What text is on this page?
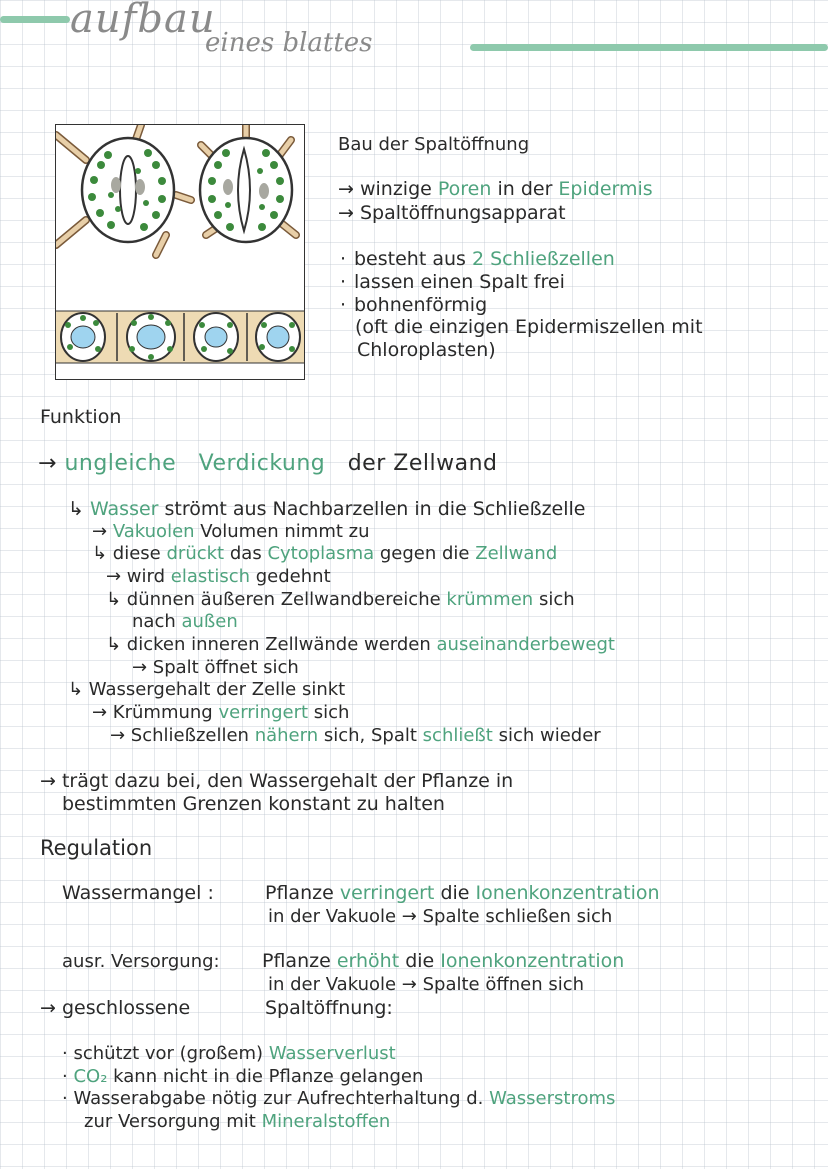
aufbau
eines blattes
Bau der Spaltöffnung
→ winzige Poren in der Epidermis
→ Spaltöffnungsapparat
· besteht aus 2 Schließzellen
· lassen einen Spalt frei
· bohnenförmig
(oft die einzigen Epidermiszellen mit
Chloroplasten)
Funktion
→ ungleiche Verdickung der Zellwand
↳ Wasser strömt aus Nachbarzellen in die Schließzelle
→ Vakuolen Volumen nimmt zu
↳ diese drückt das Cytoplasma gegen die Zellwand
→ wird elastisch gedehnt
↳ dünnen äußeren Zellwandbereiche krümmen sich
nach außen
↳ dicken inneren Zellwände werden auseinanderbewegt
→ Spalt öffnet sich
↳ Wassergehalt der Zelle sinkt
→ Krümmung verringert sich
→ Schließzellen nähern sich, Spalt schließt sich wieder
→ trägt dazu bei, den Wassergehalt der Pflanze in
bestimmten Grenzen konstant zu halten
Regulation
Wassermangel :	Pflanze verringert die Ionenkonzentration
in der Vakuole → Spalte schließen sich
ausr. Versorgung: Pflanze erhöht die Ionenkonzentration
in der Vakuole → Spalte öffnen sich
→ geschlossene	Spaltöffnung:
· schützt vor (großem) Wasserverlust
· CO₂ kann nicht in die Pflanze gelangen
· Wasserabgabe nötig zur Aufrechterhaltung d. Wasserstroms
zur Versorgung mit Mineralstoffen
